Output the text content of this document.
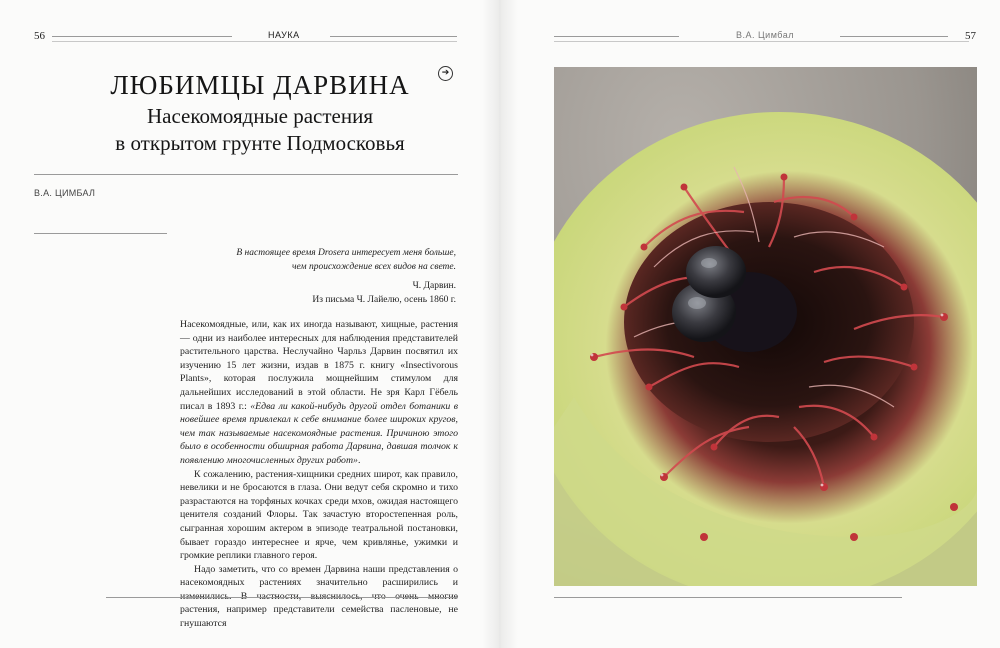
56	НАУКА
ЛЮБИМЦЫ ДАРВИНА	➔
Насекомоядные растения
в открытом грунте Подмосковья
В.А. ЦИМБАЛ
В настоящее время Drosera интересует меня больше,
чем происхождение всех видов на свете.
Ч. Дарвин.
Из письма Ч. Лайелю, осень 1860 г.

Насекомоядные, или, как их иногда называют, хищные, растения — одни из наиболее интересных для наблюдения представителей растительного царства. Неслучайно Чарльз Дарвин посвятил их изучению 15 лет жизни, издав в 1875 г. книгу «Insectivorous Plants», которая послужила мощнейшим стимулом для дальнейших исследований в этой области. Не зря Карл Гёбель писал в 1893 г.: «Едва ли какой-нибудь другой отдел ботаники в новейшее время привлекал к себе внимание более широких кругов, чем так называемые насекомоядные растения. Причиною этого было в особенности обширная работа Дарвина, давшая толчок к появлению многочисленных других работ».

К сожалению, растения-хищники средних широт, как правило, невелики и не бросаются в глаза. Они ведут себя скромно и тихо разрастаются на торфяных кочках среди мхов, ожидая настоящего ценителя созданий Флоры. Так зачастую второстепенная роль, сыгранная хорошим актером в эпизоде театральной постановки, бывает гораздо интереснее и ярче, чем кривлянье, ужимки и громкие реплики главного героя.

Надо заметить, что со времен Дарвина наши представления о насекомоядных растениях значительно расширились и изменились. В частности, выяснилось, что очень многие растения, например представители семейства пасленовые, не гнушаются

В.А. Цимбал	57
